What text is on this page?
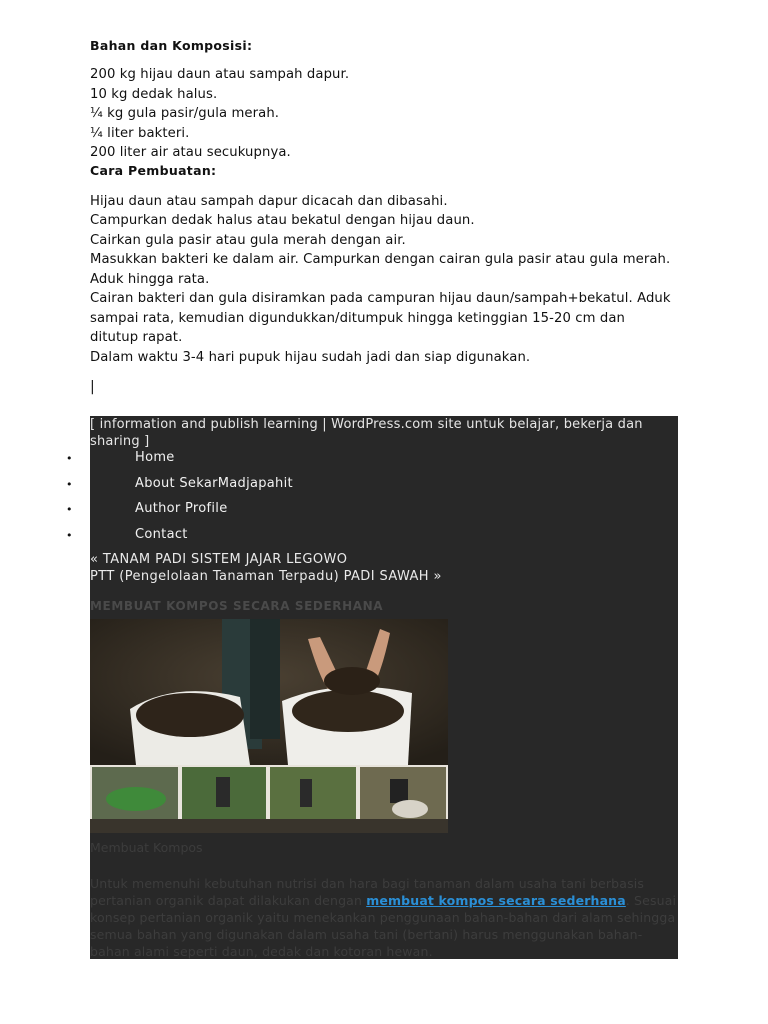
Bahan dan Komposisi:
200 kg hijau daun atau sampah dapur.
10 kg dedak halus.
¼ kg gula pasir/gula merah.
¼ liter bakteri.
200 liter air atau secukupnya.
Cara Pembuatan:
Hijau daun atau sampah dapur dicacah dan dibasahi.
Campurkan dedak halus atau bekatul dengan hijau daun.
Cairkan gula pasir atau gula merah dengan air.
Masukkan bakteri ke dalam air. Campurkan dengan cairan gula pasir atau gula merah.
Aduk hingga rata.
Cairan bakteri dan gula disiramkan pada campuran hijau daun/sampah+bekatul. Aduk
sampai rata, kemudian digundukkan/ditumpuk hingga ketinggian 15-20 cm dan
ditutup rapat.
Dalam waktu 3-4 hari pupuk hijau sudah jadi dan siap digunakan.
|
[ information and publish learning | WordPress.com site untuk belajar, bekerja dan sharing ]
•	Home
•	About SekarMadjapahit
•	Author Profile
•	Contact
« TANAM PADI SISTEM JAJAR LEGOWO
PTT (Pengelolaan Tanaman Terpadu) PADI SAWAH »
MEMBUAT KOMPOS SECARA SEDERHANA
Membuat Kompos
Untuk memenuhi kebutuhan nutrisi dan hara bagi tanaman dalam usaha tani berbasis pertanian organik dapat dilakukan dengan membuat kompos secara sederhana. Sesuai konsep pertanian organik yaitu menekankan penggunaan bahan-bahan dari alam sehingga semua bahan yang digunakan dalam usaha tani (bertani) harus menggunakan bahan-bahan alami seperti daun, dedak dan kotoran hewan.
